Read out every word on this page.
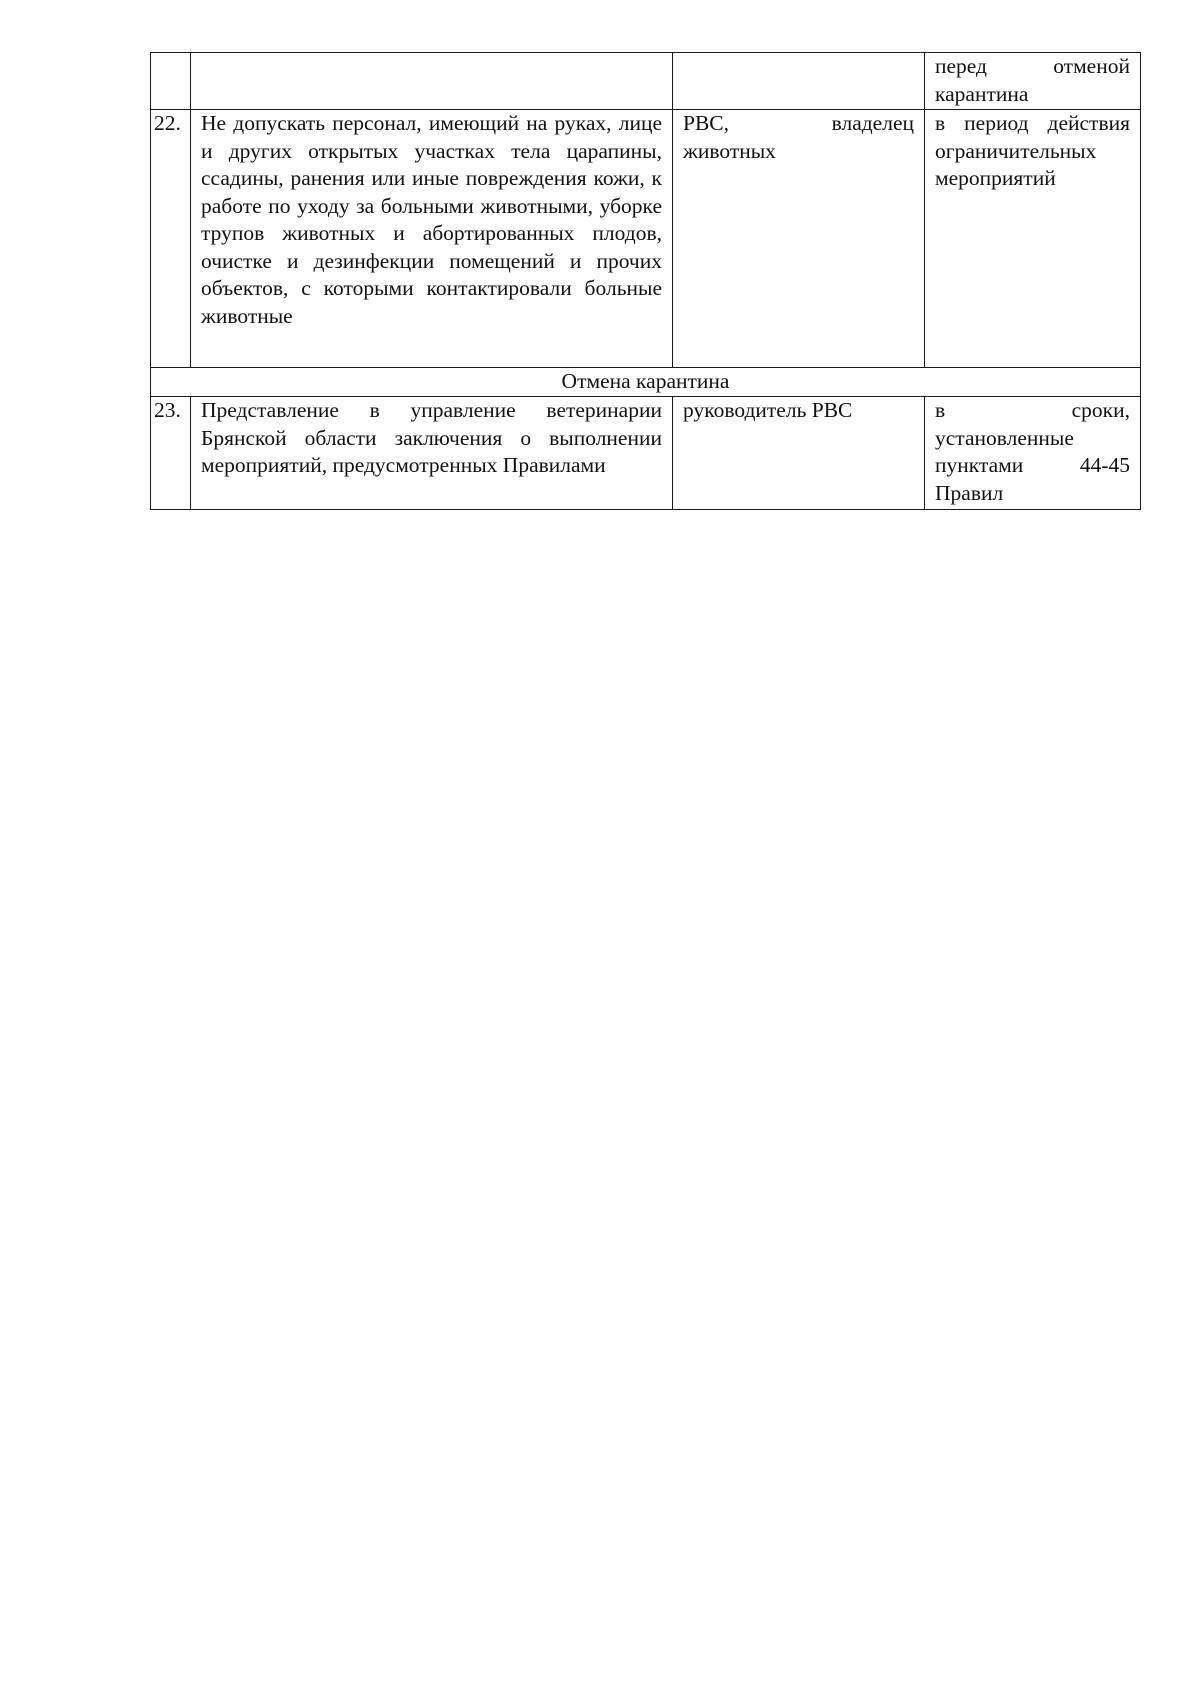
			перед отменой карантина
22.	Не допускать персонал, имеющий на руках, лице и других открытых участках тела царапины, ссадины, ранения или иные повреждения кожи, к работе по уходу за больными животными, уборке трупов животных и абортированных плодов, очистке и дезинфекции помещений и прочих объектов, с которыми контактировали больные животные	РВС, владелец животных	в период действия ограничительных мероприятий
Отмена карантина			
23.	Представление в управление ветеринарии Брянской области заключения о выполнении мероприятий, предусмотренных Правилами	руководитель РВС	в сроки, установленные пунктами 44-45 Правил
